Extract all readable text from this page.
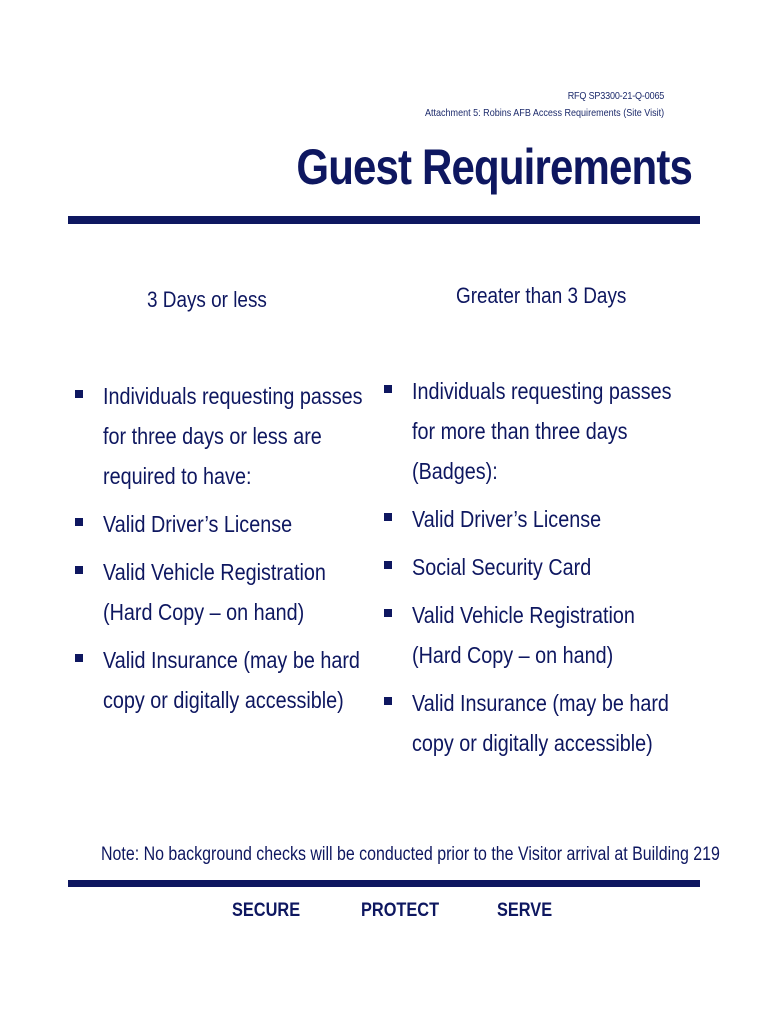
RFQ SP3300-21-Q-0065
Attachment 5: Robins AFB Access Requirements (Site Visit)
Guest Requirements
3 Days or less	Greater than 3 Days
Individuals requesting passes for three days or less are required to have:
Valid Driver’s License
Valid Vehicle Registration (Hard Copy – on hand)
Valid Insurance (may be hard copy or digitally accessible)
Individuals requesting passes for more than three days (Badges):
Valid Driver’s License
Social Security Card
Valid Vehicle Registration (Hard Copy – on hand)
Valid Insurance (may be hard copy or digitally accessible)
Note: No background checks will be conducted prior to the Visitor arrival at Building 219
SECURE	PROTECT	SERVE
